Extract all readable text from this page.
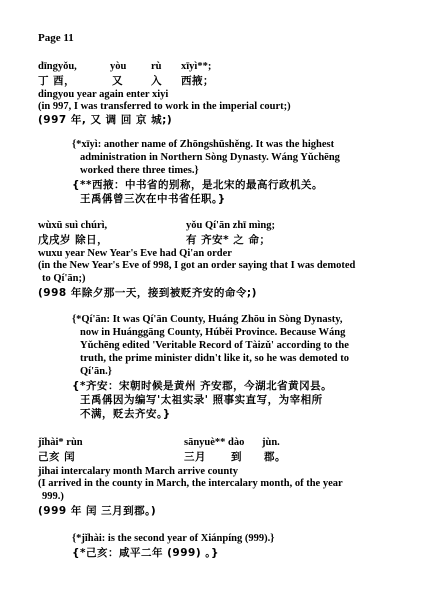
Page 11
dīngyǒu,	yòu rù xīyì**;
丁 酉，	又	入 西掖；
dingyou year again enter xiyi
(in 997, I was transferred to work in the imperial court;)
(997 年, 又 调 回 京 城;)
{*xīyì: another name of Zhōngshūshěng. It was the highest
administration in Northern Sòng Dynasty. Wáng Yǔchēng
worked there three times.}
{**西掖：中书省的别称，是北宋的最高行政机关。
王禹偁曾三次在中书省任职。}
wùxū suì chúrì,	yǒu Qí'ān zhī mìng;
戊戌岁 除日，	有 齐安* 之 命；
wuxu year New Year's Eve had Qi'an order
(in the New Year's Eve of 998, I got an order saying that I was demoted
to Qí'ān;)
(998 年除夕那一天，接到被贬齐安的命令;)
{*Qí'ān: It was Qí'ān County, Huáng Zhōu in Sòng Dynasty,
now in Huánggāng County, Húběi Province. Because Wáng
Yǔchēng edited 'Veritable Record of Tàizǔ' according to the
truth, the prime minister didn't like it, so he was demoted to
Qí'ān.}
{*齐安：宋朝时候是黄州 齐安郡，今湖北省黄冈县。
王禹偁因为编写'太祖实录' 照事实直写，为宰相所
不满，贬去齐安。}
jǐhài* rùn	sānyuè** dào jùn.
己亥 闰	三月 到 郡。
jihai intercalary month March arrive county
(I arrived in the county in March, the intercalary month, of the year
999.)
(999 年 闰 三月到郡。)
{*jǐhài: is the second year of Xiánpíng (999).}
{*己亥：咸平二年 (999) 。}
